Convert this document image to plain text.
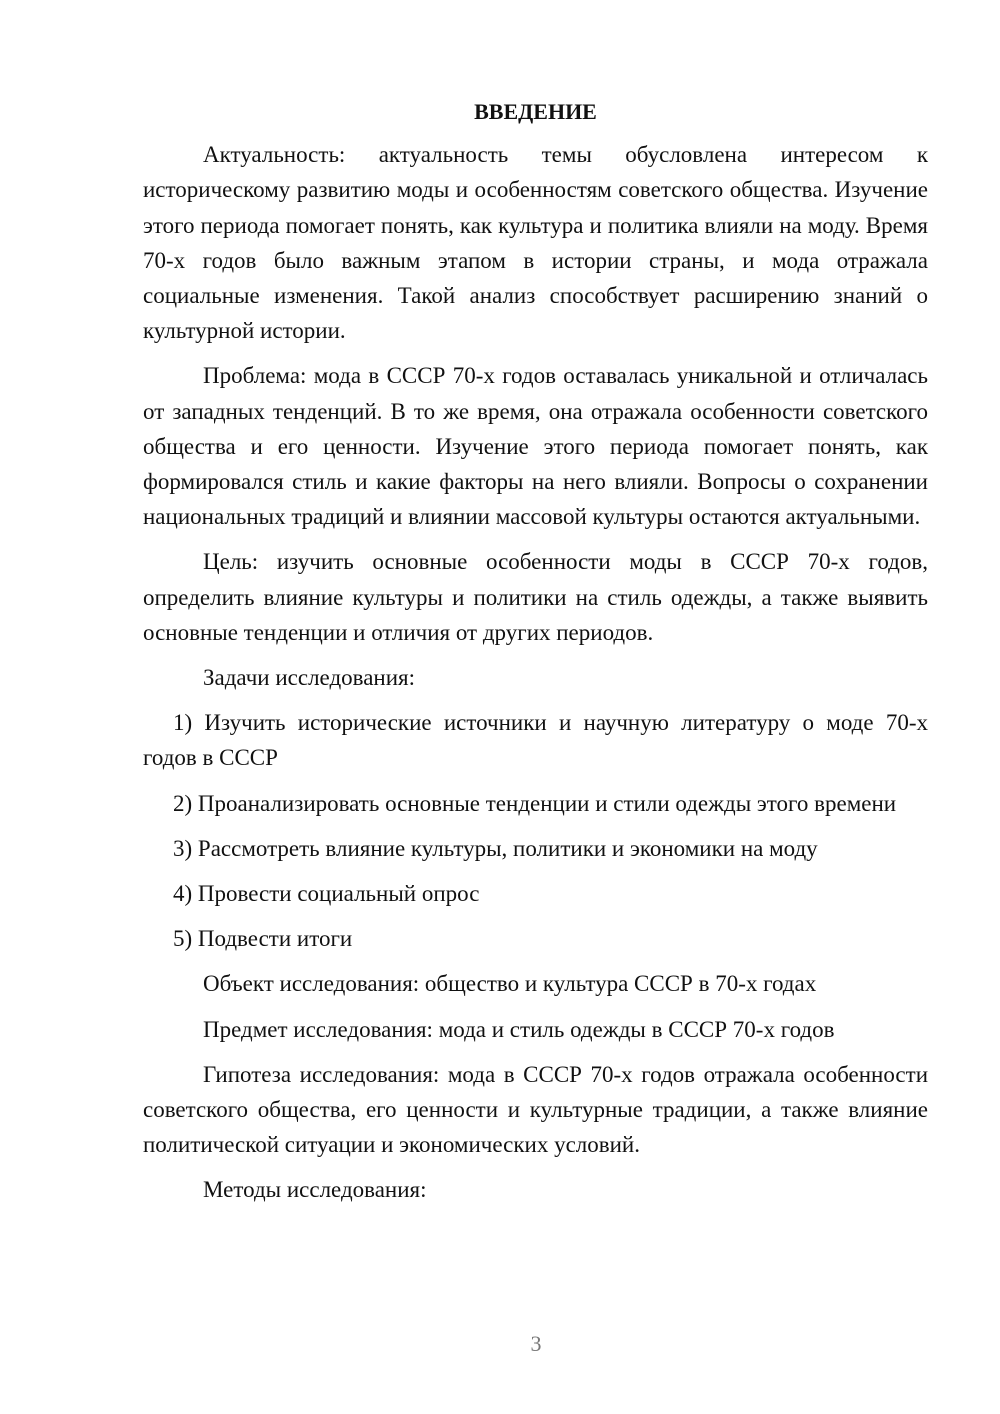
ВВЕДЕНИЕ

Актуальность: актуальность темы обусловлена интересом к историческому развитию моды и особенностям советского общества. Изучение этого периода помогает понять, как культура и политика влияли на моду. Время 70-х годов было важным этапом в истории страны, и мода отражала социальные изменения. Такой анализ способствует расширению знаний о культурной истории.

Проблема: мода в СССР 70-х годов оставалась уникальной и отличалась от западных тенденций. В то же время, она отражала особенности советского общества и его ценности. Изучение этого периода помогает понять, как формировался стиль и какие факторы на него влияли. Вопросы о сохранении национальных традиций и влиянии массовой культуры остаются актуальными.

Цель: изучить основные особенности моды в СССР 70-х годов, определить влияние культуры и политики на стиль одежды, а также выявить основные тенденции и отличия от других периодов.

Задачи исследования:

1) Изучить исторические источники и научную литературу о моде 70-х годов в СССР

2) Проанализировать основные тенденции и стили одежды этого времени

3) Рассмотреть влияние культуры, политики и экономики на моду

4) Провести социальный опрос

5) Подвести итоги

Объект исследования: общество и культура СССР в 70-х годах

Предмет исследования: мода и стиль одежды в СССР 70-х годов

Гипотеза исследования: мода в СССР 70-х годов отражала особенности советского общества, его ценности и культурные традиции, а также влияние политической ситуации и экономических условий.

Методы исследования:

3
